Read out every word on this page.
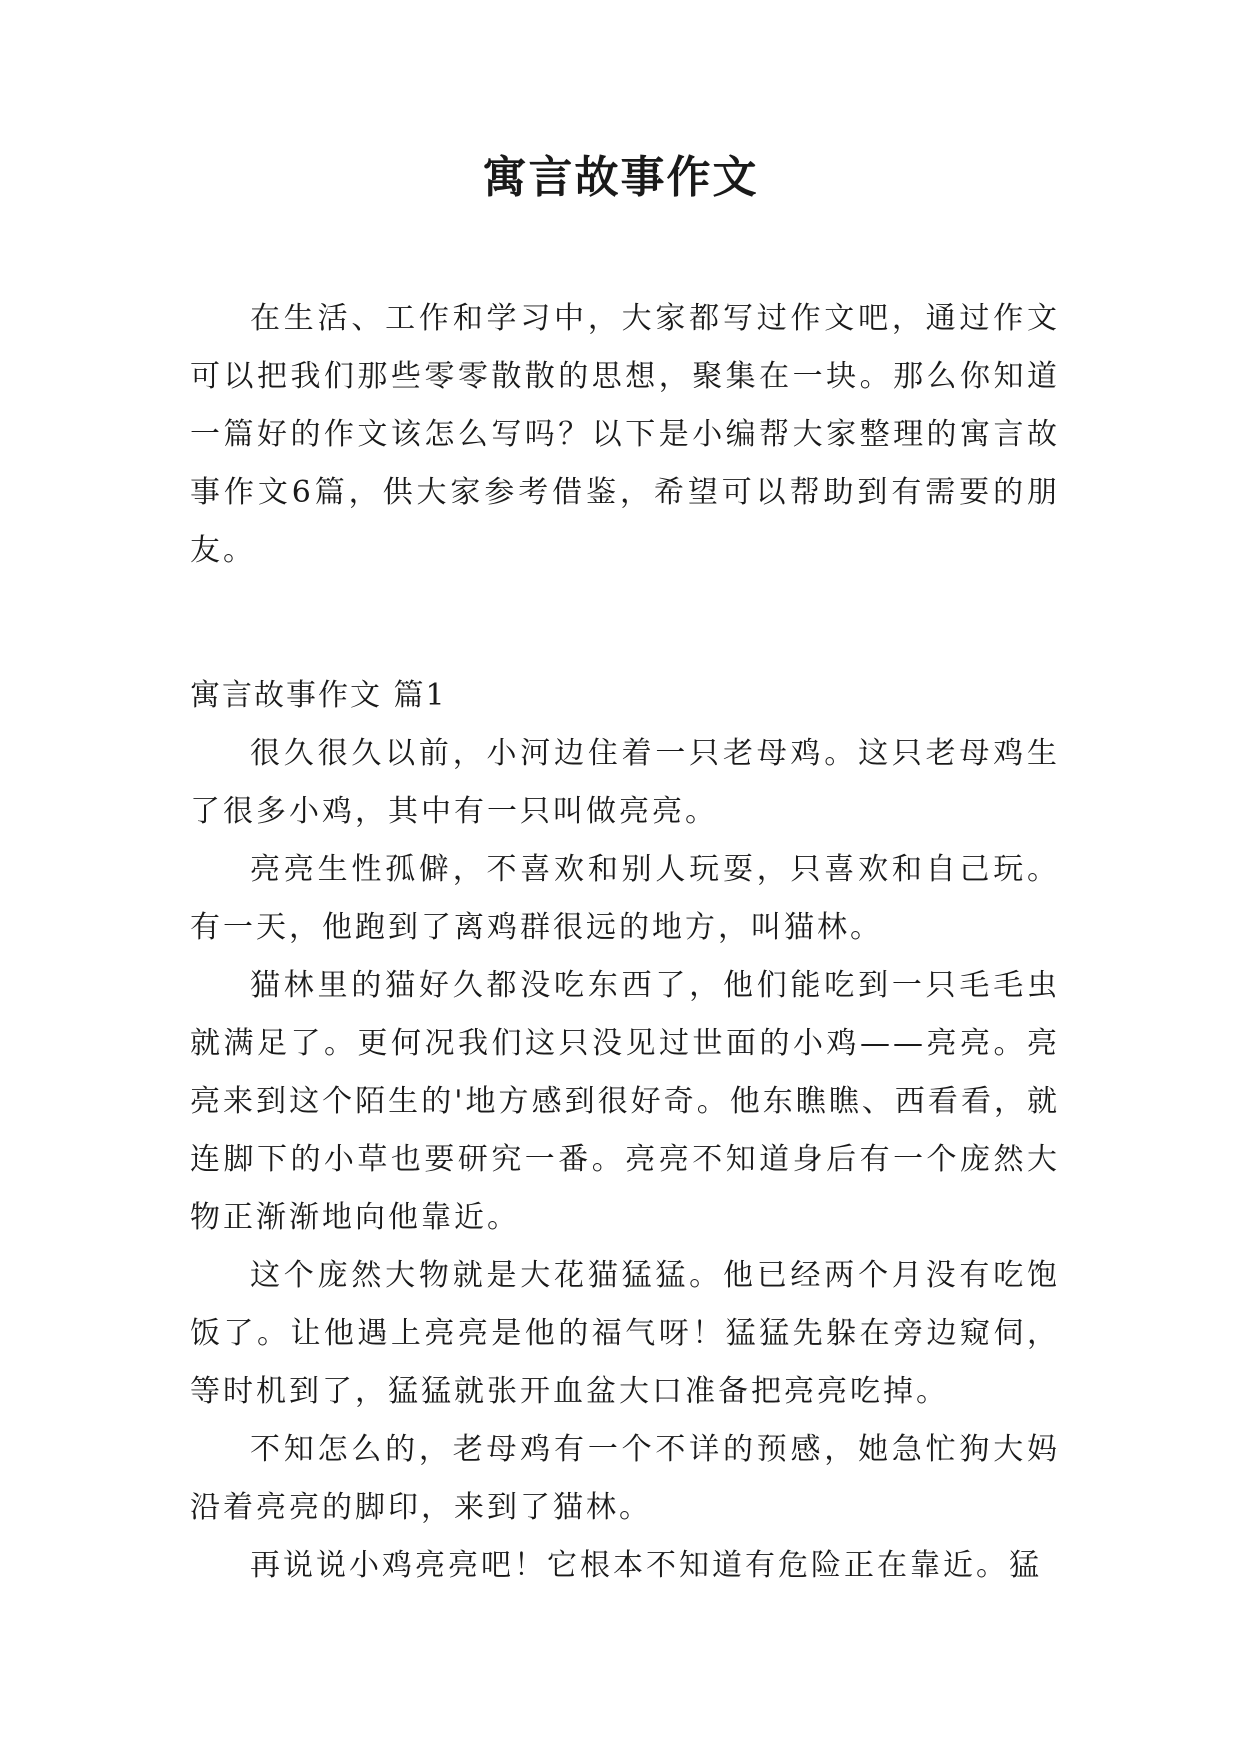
寓言故事作文

在生活、工作和学习中，大家都写过作文吧，通过作文可以把我们那些零零散散的思想，聚集在一块。那么你知道一篇好的作文该怎么写吗？以下是小编帮大家整理的寓言故事作文6篇，供大家参考借鉴，希望可以帮助到有需要的朋友。

寓言故事作文 篇1

很久很久以前，小河边住着一只老母鸡。这只老母鸡生了很多小鸡，其中有一只叫做亮亮。

亮亮生性孤僻，不喜欢和别人玩耍，只喜欢和自己玩。有一天，他跑到了离鸡群很远的地方，叫猫林。

猫林里的猫好久都没吃东西了，他们能吃到一只毛毛虫就满足了。更何况我们这只没见过世面的小鸡——亮亮。亮亮来到这个陌生的'地方感到很好奇。他东瞧瞧、西看看，就连脚下的小草也要研究一番。亮亮不知道身后有一个庞然大物正渐渐地向他靠近。

这个庞然大物就是大花猫猛猛。他已经两个月没有吃饱饭了。让他遇上亮亮是他的福气呀！猛猛先躲在旁边窥伺，等时机到了，猛猛就张开血盆大口准备把亮亮吃掉。

不知怎么的，老母鸡有一个不详的预感，她急忙狗大妈沿着亮亮的脚印，来到了猫林。

再说说小鸡亮亮吧！它根本不知道有危险正在靠近。猛
